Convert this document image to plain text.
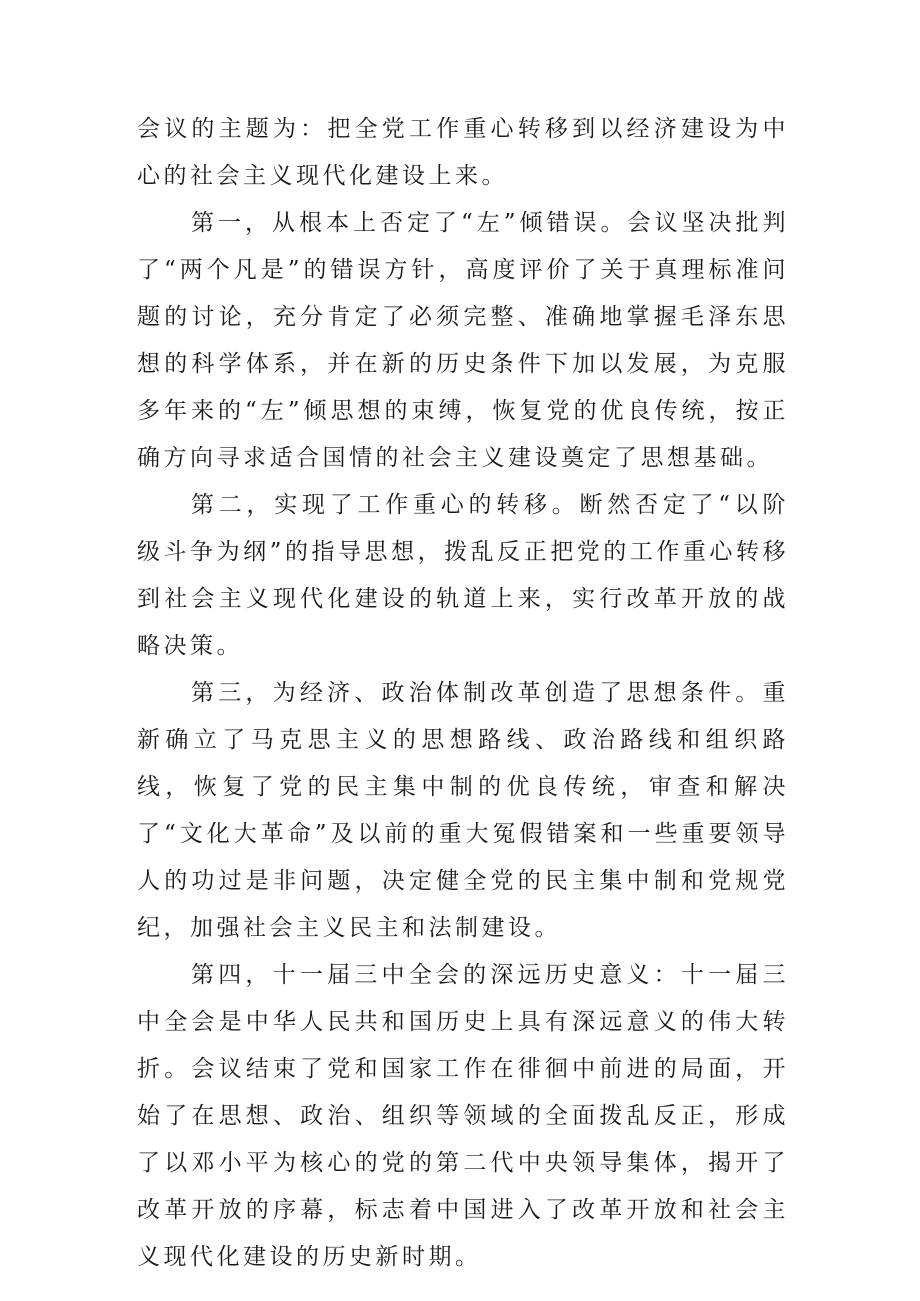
会议的主题为：把全党工作重心转移到以经济建设为中心的社会主义现代化建设上来。

第一，从根本上否定了“左”倾错误。会议坚决批判了“两个凡是”的错误方针，高度评价了关于真理标准问题的讨论，充分肯定了必须完整、准确地掌握毛泽东思想的科学体系，并在新的历史条件下加以发展，为克服多年来的“左”倾思想的束缚，恢复党的优良传统，按正确方向寻求适合国情的社会主义建设奠定了思想基础。

第二，实现了工作重心的转移。断然否定了“以阶级斗争为纲”的指导思想，拨乱反正把党的工作重心转移到社会主义现代化建设的轨道上来，实行改革开放的战略决策。

第三，为经济、政治体制改革创造了思想条件。重新确立了马克思主义的思想路线、政治路线和组织路线，恢复了党的民主集中制的优良传统，审查和解决了“文化大革命”及以前的重大冤假错案和一些重要领导人的功过是非问题，决定健全党的民主集中制和党规党纪，加强社会主义民主和法制建设。

第四，十一届三中全会的深远历史意义：十一届三中全会是中华人民共和国历史上具有深远意义的伟大转折。会议结束了党和国家工作在徘徊中前进的局面，开始了在思想、政治、组织等领域的全面拨乱反正，形成了以邓小平为核心的党的第二代中央领导集体，揭开了改革开放的序幕，标志着中国进入了改革开放和社会主义现代化建设的历史新时期。
